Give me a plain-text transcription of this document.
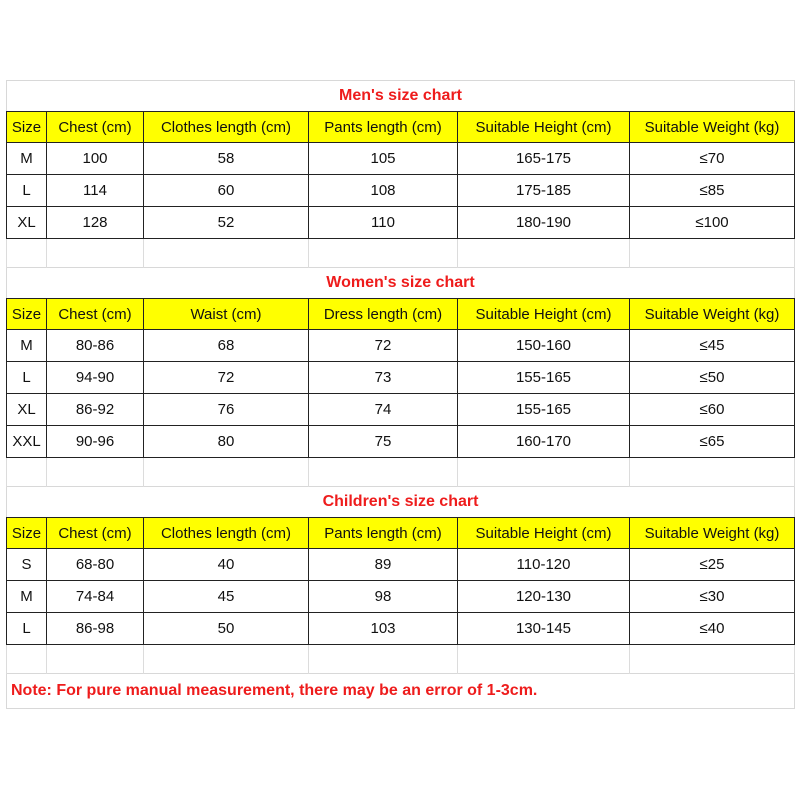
Men's size chart					
Size	Chest (cm)	Clothes length (cm)	Pants length (cm)	Suitable Height (cm)	Suitable Weight (kg)
M	100	58	105	165-175	≤70
L	114	60	108	175-185	≤85
XL	128	52	110	180-190	≤100

Women's size chart					
Size	Chest (cm)	Waist (cm)	Dress length (cm)	Suitable Height (cm)	Suitable Weight (kg)
M	80-86	68	72	150-160	≤45
L	94-90	72	73	155-165	≤50
XL	86-92	76	74	155-165	≤60
XXL	90-96	80	75	160-170	≤65

Children's size chart					
Size	Chest (cm)	Clothes length (cm)	Pants length (cm)	Suitable Height (cm)	Suitable Weight (kg)
S	68-80	40	89	110-120	≤25
M	74-84	45	98	120-130	≤30
L	86-98	50	103	130-145	≤40

Note: For pure manual measurement, there may be an error of 1-3cm.					
